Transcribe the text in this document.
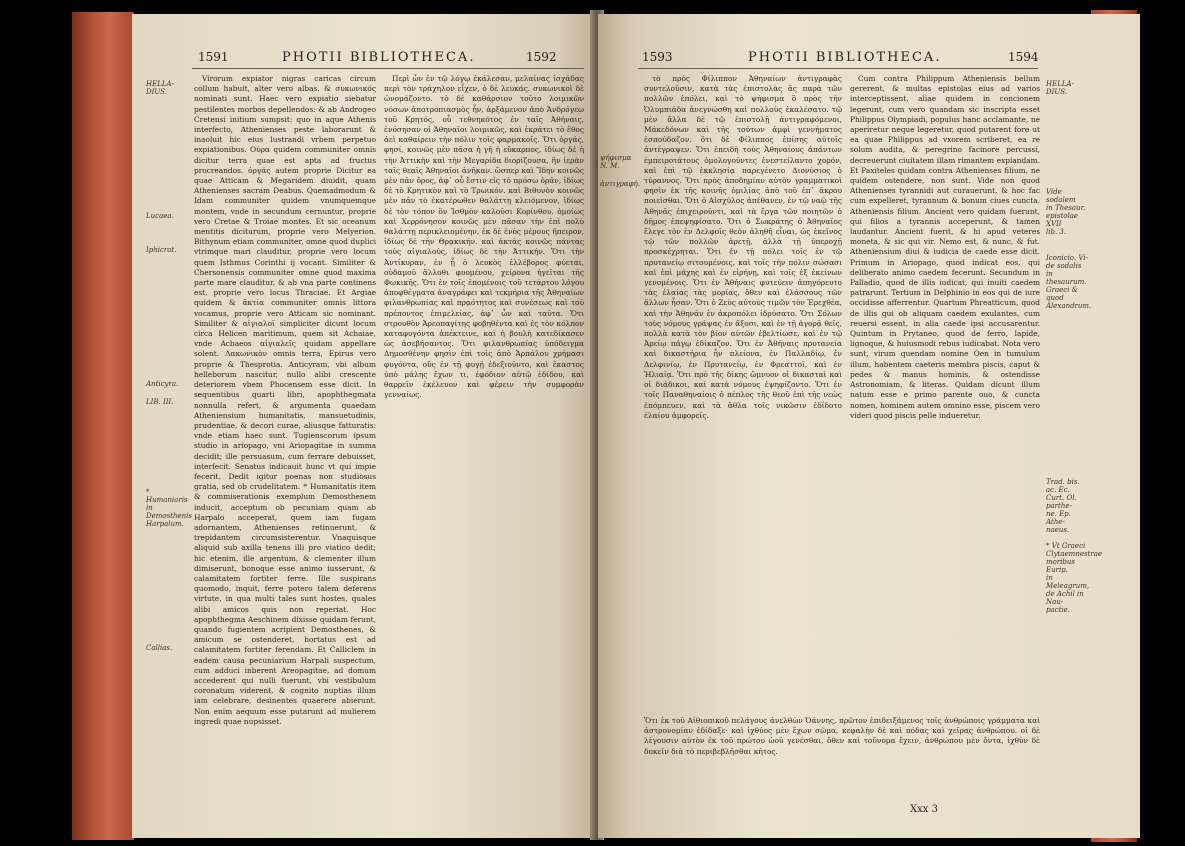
1591	PHOTII BIBLIOTHECA.	1592
HELLA-
DIUS.
Lucaea.
Iphicrat.
Anticyra.
LIB. III.
* Humaniaris
in Demosthenis
Harpalum.
Callias.

Virorum expiator nigras caricas circum collum habuit, alter vero albas. & συκωνικός nominati sunt. Haec vero expiatio siebatur pestilentes morbos depellendos: & ab Androgeo Cretensi initium sumpsit: quo in aque Athenis interfecto, Athenienses peste laborarunt & inaoluit hic eius lustrandi vrbem perpetuo expiationibus. Ούρα quidem communiter omnis dicitur terra quae est apta ad fructus procreandos. ὀργάς autem proprie Dicitur ea quae Atticam & Megaridem diuidit, quam Athenienses sacram Deabus. Quemadmodum & Idam communiter quidem vnumquemque montem, vnde in secundum cernuntur, proprie vero Cretae & Troiae montes. Et sic oceanum mentitis diciturum, proprie vero Melyerion. Bithynum etiam communiter, omne quod duplici vtrimque mari clauditur, proprie vero locum quem Isthmus Corinthi ij vocant. Similiter & Chersonensis communiter omne quod maxima parte mare clauditur, & ab vna parte continens est, proprie vero locus Thraciae. Et Argiae quidem & ἄκτία communiter omnis littora vocamus, proprie vero Atticam sic nominant. Similiter & αἰγιαλοῖ simpliciter dicunt locum circa Helicen maritimum, quem sit Achaiae, vnde Achaeos αἰγιαλεῖς quidam appellare solent. Λακωνικὸν omnis terra, Epirus vero proprie & Thesprotia. Anticyram, vbi album helleborum nascitur, nullo alibi crescente deteriorem vbem Phocensem esse dicit. In sequentibus quarti libri, apophthegmata nonnulla refert, & argumenta quaedam Atheniensium humanitatis, mansuetudinis, prudentiae, & decori curae, aliusque fatturatis: vnde etiam haec sunt. Tugienscorum ipsum studio in ariopago, vni Ariopagitae in summa decidit; ille persuasum, cum ferrare debuisset, interfecit. Senatus indicauit hunc vt qui impie fecerit. Dedit igitur poenas non studiosus gratia, sed ob crudelitatem. * Humanitatis item & commiserationis exemplum Demosthenem inducit, acceptum ob pecuniam quam ab Harpalo acceperat, quem iam fugam adornantem, Athenienses retinuerunt, & trepidantem circumsisterentur. Vnaquisque aliquid sub axilla tenens illi pro viatico dedit; hic etenim, ille argentum, & clementer illum dimiserunt, bonoque esse animo iusserunt, & calamitatem fortiter ferre. Ille suspirans quomodo, inquit, ferre potero talem deferens virtute, in qua multi tales sunt hostes, quales alibi amicos quis non reperiat. Hoc apophthegma Aeschinem dixisse quidam ferunt, quando fugientem acripient Demosthenes, & amicum se ostenderet, hortatus est ad calamitatem fortiter ferendam. Et Calliclem in eadem causa pecuniarium Harpali suspectum, cum adduci inberent Areopagitae, ad domum accederent qui nulli fuerunt, vbi vestibulum coronatum viderent, & cognito nuptias illum iam celebrare, desinentes quaerere abierunt. Non enim aequum esse putarunt ad mulierem ingredi quae nupsisset.

Περὶ ὧν ἐν τῷ λόγῳ ἐκάλεσαν, μελαίνας ἰσχάδας περὶ τὸν τράχηλον εἶχεν, ὁ δὲ λευκάς. συκωνικοὶ δὲ ὠνομάζοντο. τὸ δὲ καθάρσιον τοῦτο λοιμικῶν νόσων ἀποτροπιασμὸς ἦν, ἀρξάμενον ἀπὸ Ἀνδρόγεω τοῦ Κρητός, οὗ τεθνηκότος ἐν ταῖς Ἀθήναις, ἐνόσησαν οἱ Ἀθηναῖοι λοιμικῶς, καὶ ἐκράτει τὸ ἔθος ἀεὶ καθαίρειν τὴν πόλιν τοῖς φαρμακοῖς. Ὅτι ὀργάς, φησί, κοινῶς μὲν πᾶσα ἡ γῆ ἡ εὔκαρπος, ἰδίως δὲ ἡ τὴν Ἀττικὴν καὶ τὴν Μεγαρίδα διορίζουσα, ἣν ἱερὰν ταῖς θεαῖς Ἀθηναῖοι ἀνῆκαν. ὥσπερ καὶ Ἴδην κοινῶς μὲν πᾶν ὄρος, ἀφ᾿ οὗ ἔστιν εἰς τὸ πρόσω ὁρᾶν, ἰδίως δὲ τὸ Κρητικὸν καὶ τὸ Τρωικόν. καὶ Βιθυνὸν κοινῶς μὲν πᾶν τὸ ἑκατέρωθεν θαλάττῃ κλειόμενον, ἰδίως δὲ τὸν τόπον ὃν Ἰσθμὸν καλοῦσι Κορίνθου. ὁμοίως καὶ Χερρόνησον κοινῶς μὲν πᾶσαν τὴν ἐπὶ πολὺ θαλάττῃ περικλειομένην, ἐκ δὲ ἑνὸς μέρους ἤπειρον, ἰδίως δὲ τὴν Θρᾳκικήν. καὶ ἀκτὰς κοινῶς πάντας τοὺς αἰγιαλούς, ἰδίως δὲ τὴν Ἀττικήν. Ὅτι τὴν Ἀντίκυραν, ἐν ᾗ ὁ λευκὸς ἐλλέβορος φύεται, οὐδαμοῦ ἄλλοθι φυομένου, χείρονα ἡγεῖται τῆς Φωκικῆς. Ὅτι ἐν τοῖς ἑπομένοις τοῦ τετάρτου λόγου ἀποφθέγματα ἀναγράφει καὶ τεκμήρια τῆς Ἀθηναίων φιλανθρωπίας καὶ πρᾳότητος καὶ συνέσεως καὶ τοῦ πρέποντος ἐπιμελείας, ἀφ᾿ ὧν καὶ ταῦτα. Ὅτι στρουθὸν Ἀρεοπαγίτης φοβηθέντα καὶ ἐς τὸν κόλπον καταφυγόντα ἀπέκτεινε, καὶ ἡ βουλὴ κατεδίκασεν ὡς ἀσεβήσαντος. Ὅτι φιλανθρωπίας ὑπόδειγμα Δημοσθένην φησὶν ἐπὶ τοῖς ἀπὸ Ἁρπάλου χρήμασι φυγόντα, οὓς ἐν τῇ φυγῇ ἐδεξιοῦντο, καὶ ἕκαστος ὑπὸ μάλης ἔχων τι, ἐφόδιον αὐτῷ ἐδίδου, καὶ θαρρεῖν ἐκέλευον καὶ φέρειν τὴν συμφορὰν γενναίως.

1593	PHOTII BIBLIOTHECA.	1594
ψήφισμα
N. M.
ἀντιγραφή.
HELLA-
DIUS.
Vide sodalem
in Thesaur.
epistolae XVII
lib. 3.
Iconicio. Vi-
de sodalis in
thesaurum.
Graeci & quod
Alexandrum.
Trad. bis. ac. Ec.
Curt. Ol. parthe-
ne. Ep. Athe-
naeus.
* Vt Graeci
Clytaemnestrae
moribus Eurip.
in Meleagrum,
de Achil in Nau-
pactie.

τὸ πρὸς Φίλιππον Ἀθηναίων ἀντιγραφὰς συντελοῦσιν, κατὰ τὰς ἐπιστολὰς ἃς παρὰ τῶν πολλῶν ἐπόλει, καὶ τὸ ψήφισμα ὃ πρὸς τὴν Ὀλυμπιάδα ἀνεγνώσθη καὶ πολλοὺς ἐκαλέσατο. τῷ μὲν ἄλλα δὲ τῷ ἐπιστολῇ ἀντιγραφόμενοι, Μάκεδόνων καὶ τῆς τούτων ἀμφὶ γεννήματος ἐσπούδαζον. ὅτι δὲ Φίλιππος ἐπίσης αὐτοῖς ἀντέγραψεν. Ὅτι ἐπειδὴ τοὺς Ἀθηναίους ἀπάντων ἐμπειροτάτους ὁμολογοῦντες ἐνεστείλαντο χορόν, καὶ ἐπὶ τῷ ἐκκλησίᾳ παρεγένετο Διονύσιος ὁ τύραννος. Ὅτι πρὸς ἀποδημίαν αὐτὸν γραμματικοὶ φησὶν ἐκ τῆς κοινῆς ὁμιλίας ἀπὸ τοῦ ἐπ᾿ ἄκρου ποιεῖσθαι. Ὅτι ὁ Αἰσχύλος ἀπέθανεν, ἐν τῷ ναῷ τῆς Ἀθηνᾶς ἐπιχειροῦντι, καὶ τὰ ἔργα τῶν ποιητῶν ὁ δῆμος ἐπεψηφίσατο. Ὅτι ὁ Σωκράτης ὁ Ἀθηναῖος ἔλεγε τὸν ἐν Δελφοῖς θεὸν ἀληθῆ εἶναι, ὡς ἐκεῖνος τῷ τῶν πολλῶν ἀρετῇ, ἀλλὰ τῇ ὑπεροχῇ προσκέχρηται. Ὅτι ἐν τῇ πόλει τοῖς ἐν τῷ πρυτανείῳ σιτουμένοις, καὶ τοῖς τὴν πόλιν σώσασι καὶ ἐπὶ μάχης καὶ ἐν εἰρήνῃ, καὶ τοῖς ἐξ ἐκείνων γενομένοις. Ὅτι ἐν Ἀθήναις φυτεύειν ἀπηγόρευτο τὰς ἐλαίας τὰς μορίας, ὅθεν καὶ ἐλάσσους τῶν ἄλλων ἦσαν. Ὅτι ὁ Ζεὺς αὐτοὺς τιμῶν τὸν Ἐρεχθέα, καὶ τὴν Ἀθηνᾶν ἐν ἀκροπόλει ἱδρύσατο. Ὅτι Σόλων τοὺς νόμους γράψας ἐν ἄξοσι, καὶ ἐν τῇ ἀγορᾷ θεῖς, πολλὰ κατὰ τὸν βίον αὐτῶν ἐβελτίωσε, καὶ ἐν τῷ Ἀρείῳ πάγῳ ἐδίκαζον. Ὅτι ἐν Ἀθήναις πρυτανεία καὶ δικαστήρια ἦν πλείονα, ἐν Παλλαδίῳ, ἐν Δελφινίῳ, ἐν Πρυτανείῳ, ἐν Φρεαττοῖ, καὶ ἐν Ἡλιαίᾳ. Ὅτι πρὸ τῆς δίκης ὤμνυον οἱ δικασταὶ καὶ οἱ διάδικοι, καὶ κατὰ νόμους ἐψηφίζοντο. Ὅτι ἐν τοῖς Παναθηναίοις ὁ πέπλος τῆς θεοῦ ἐπὶ τῆς νεὼς ἐπόμπευεν, καὶ τὰ ἄθλα τοῖς νικῶσιν ἐδίδοτο ἐλαίου ἀμφορεῖς.

Cum contra Philippum Atheniensis bellum gererent, & multas epistolas eius ad varios interceptissent, aliae quidem in concionem legerunt, cum vero quandam sic inscripta esset Philippus Olympiadi, populus hanc acclamante, ne aperiretur neque legeretur, quod putarent fore ut ea quae Philippus ad vxorem scriberet, ea re solum audita, & peregrino facinore percussi, decreuerunt ciuitatem illam rimantem expiandam. Et Paxiteles quidam contra Athenienses filium, ne quidem ostendere, non sunt. Vide non quod Athenienses tyrannidi aut curauerunt, & hoc fac cum expelleret, tyrannum & bonum ciues cuncta. Atheniensis filium. Ancient vero quidam fuerunt, qui filios a tyrannis acceperunt, & tamen laudantur. Ancient fuerit, & hi apud veteres moneta, & sic qui vir. Nemo est, & nunc, & fut. Atheniensium diui & iudicia de caede esse dicit. Primum in Ariopago, quod indicat eos, qui deliberato animo caedem fecerunt. Secundum in Palladio, quod de illis iudicat, qui inuiti caedem patrarunt. Tertium in Delphinio in eos qui de iure occidisse afferrentur. Quartum Phreatticum, quod de illis qui ob aliquam caedem exulantes, cum reuersi essent, in alia caede ipsi accusarentur. Quintum in Prytaneo, quod de ferro, lapide, lignoque, & huiusmodi rebus iudicabat. Nota vero sunt, virum quendam nomine Oen in tumulum illum, habentem caeteris membra piscis, caput & pedes & manus hominis, & ostendisse Astronomiam, & literas. Quidam dicunt illum natum esse e primo parente ouo, & cuncta nomen, hominem autem omnino esse, piscem vero videri quod piscis pelle indueretur.

Ὅτι ἐκ τοῦ Αἰθιοπικοῦ πελάγους ἀνελθὼν Ὀάννης, πρῶτον ἐπιδειξάμενος τοῖς ἀνθρώποις γράμματα καὶ ἀστρονομίαν ἐδίδαξε· καὶ ἰχθύος μὲν ἔχων σῶμα, κεφαλὴν δὲ καὶ πόδας καὶ χεῖρας ἀνθρώπου. οἱ δὲ λέγουσιν αὐτὸν ἐκ τοῦ πρώτου ὠοῦ γενέσθαι, ὅθεν καὶ τοὔνομα ἔχειν, ἀνθρώπου μὲν ὄντα, ἰχθὺν δὲ δοκεῖν διὰ τὸ περιβεβλῆσθαι κῆτος.

Xxx 3
